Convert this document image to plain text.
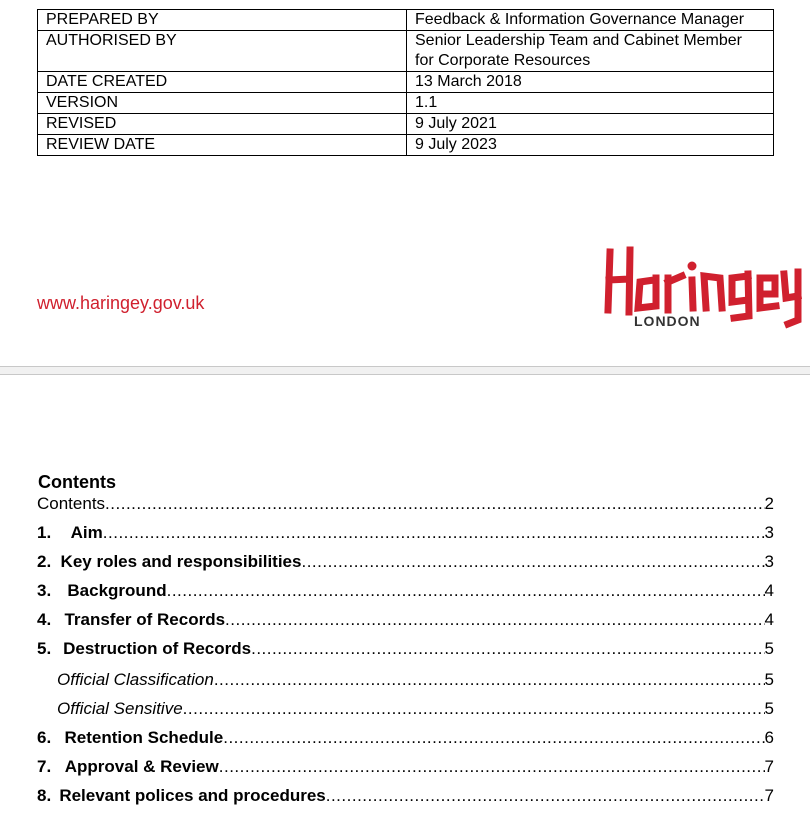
PREPARED BY	Feedback & Information Governance Manager
AUTHORISED BY	Senior Leadership Team and Cabinet Member
for Corporate Resources
DATE CREATED	13 March 2018
VERSION	1.1
REVISED	9 July 2021
REVIEW DATE	9 July 2023
www.haringey.gov.uk
LONDON
Contents
Contents .....	2
1.	Aim .....	3
2. Key roles and responsibilities .....	3
3. Background .....	4
4. Transfer of Records .....	4
5. Destruction of Records .....	5
Official Classification .....	5
Official Sensitive .....	5
6. Retention Schedule .....	6
7. Approval & Review .....	7
8. Relevant polices and procedures .....	7
